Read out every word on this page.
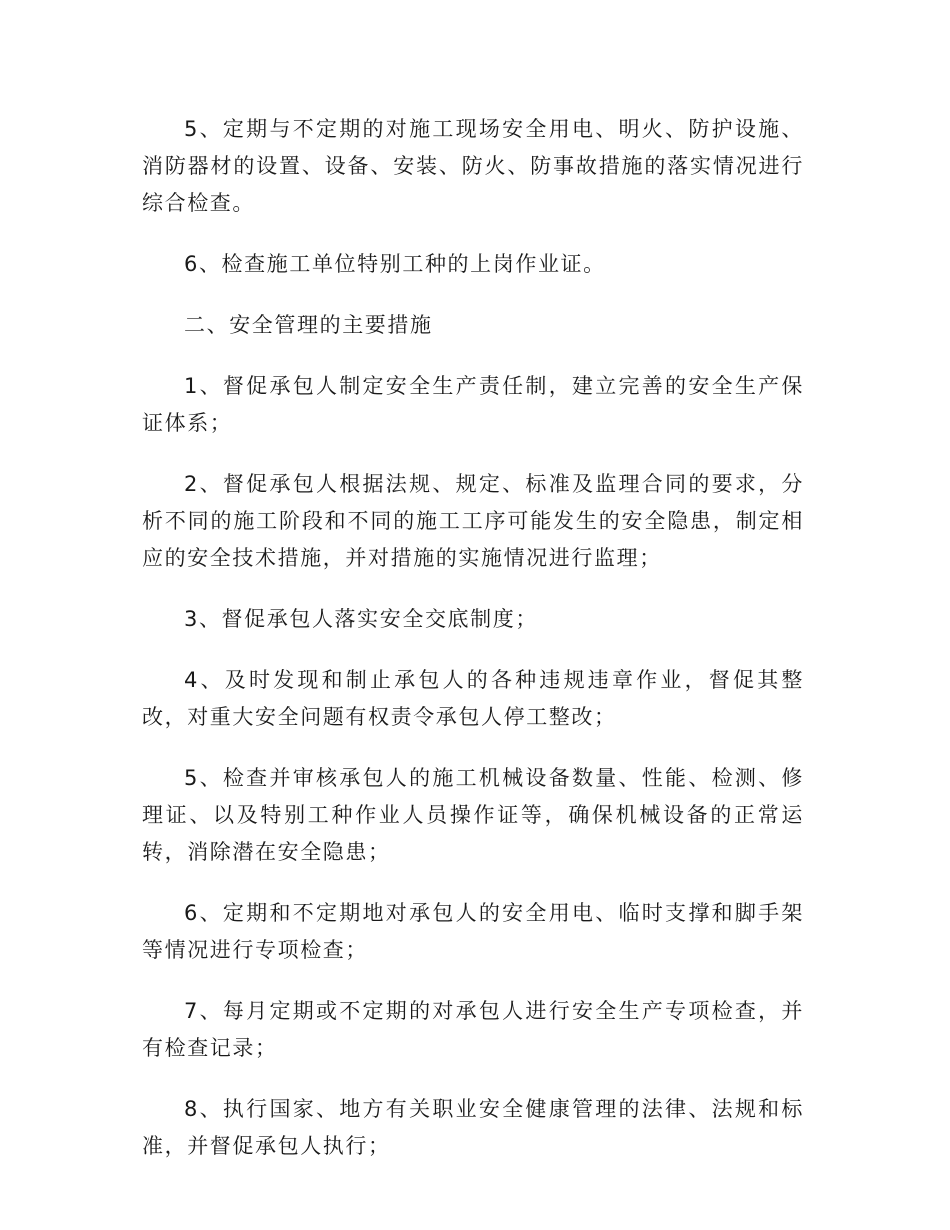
5、定期与不定期的对施工现场安全用电、明火、防护设施、消防器材的设置、设备、安装、防火、防事故措施的落实情况进行综合检查。

6、检查施工单位特别工种的上岗作业证。

二、安全管理的主要措施

1、督促承包人制定安全生产责任制，建立完善的安全生产保证体系；

2、督促承包人根据法规、规定、标准及监理合同的要求，分析不同的施工阶段和不同的施工工序可能发生的安全隐患，制定相应的安全技术措施，并对措施的实施情况进行监理；

3、督促承包人落实安全交底制度；

4、及时发现和制止承包人的各种违规违章作业，督促其整改，对重大安全问题有权责令承包人停工整改；

5、检查并审核承包人的施工机械设备数量、性能、检测、修理证、以及特别工种作业人员操作证等，确保机械设备的正常运转，消除潜在安全隐患；

6、定期和不定期地对承包人的安全用电、临时支撑和脚手架等情况进行专项检查；

7、每月定期或不定期的对承包人进行安全生产专项检查，并有检查记录；

8、执行国家、地方有关职业安全健康管理的法律、法规和标准，并督促承包人执行；
